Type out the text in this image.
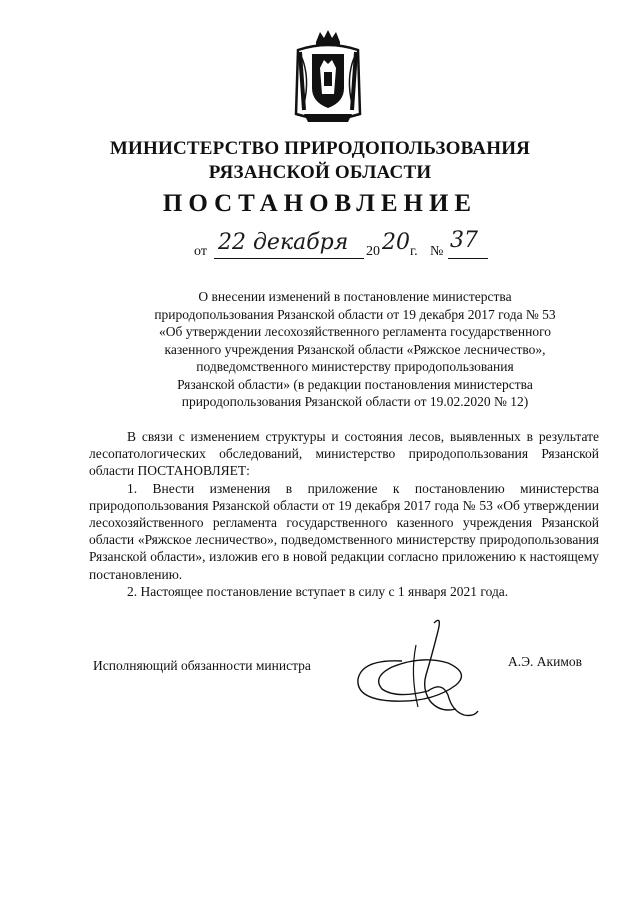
МИНИСТЕРСТВО ПРИРОДОПОЛЬЗОВАНИЯ
РЯЗАНСКОЙ ОБЛАСТИ
ПОСТАНОВЛЕНИЕ
от 22 декабря 20 20 г. № 37
О внесении изменений в постановление министерства
природопользования Рязанской области от 19 декабря 2017 года № 53
«Об утверждении лесохозяйственного регламента государственного
казенного учреждения Рязанской области «Ряжское лесничество»,
подведомственного министерству природопользования
Рязанской области» (в редакции постановления министерства
природопользования Рязанской области от 19.02.2020 № 12)

В связи с изменением структуры и состояния лесов, выявленных в результате лесопатологических обследований, министерство природопользования Рязанской области ПОСТАНОВЛЯЕТ:

1. Внести изменения в приложение к постановлению министерства природопользования Рязанской области от 19 декабря 2017 года № 53 «Об утверждении лесохозяйственного регламента государственного казенного учреждения Рязанской области «Ряжское лесничество», подведомственного министерству природопользования Рязанской области», изложив его в новой редакции согласно приложению к настоящему постановлению.

2. Настоящее постановление вступает в силу с 1 января 2021 года.

Исполняющий обязанности министра	А.Э. Акимов
